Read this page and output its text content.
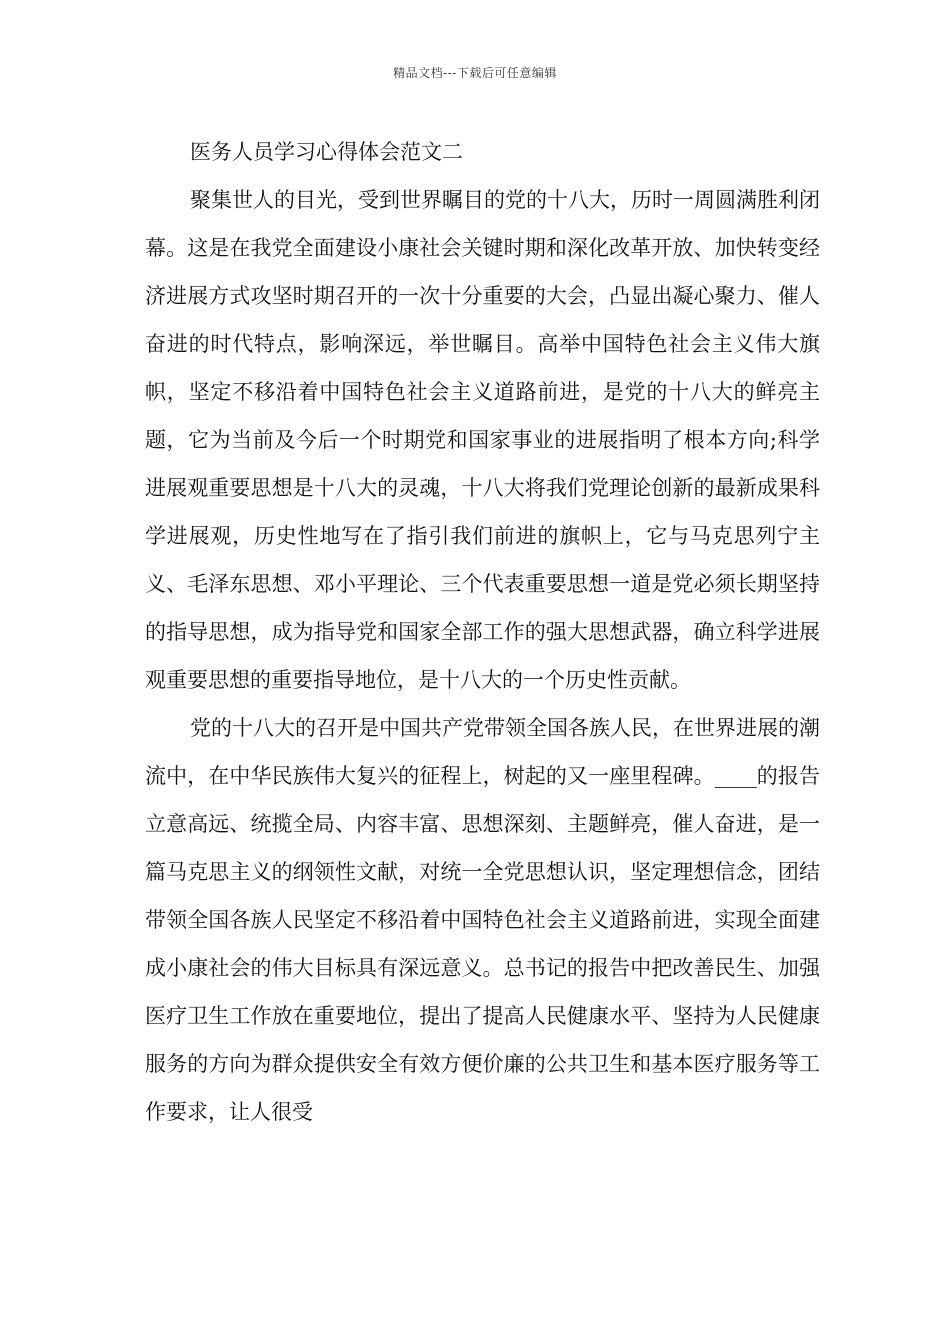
精品文档---下载后可任意编辑
医务人员学习心得体会范文二

聚集世人的目光，受到世界瞩目的党的十八大，历时一周圆满胜利闭幕。这是在我党全面建设小康社会关键时期和深化改革开放、加快转变经济进展方式攻坚时期召开的一次十分重要的大会，凸显出凝心聚力、催人奋进的时代特点，影响深远，举世瞩目。高举中国特色社会主义伟大旗帜，坚定不移沿着中国特色社会主义道路前进，是党的十八大的鲜亮主题，它为当前及今后一个时期党和国家事业的进展指明了根本方向;科学进展观重要思想是十八大的灵魂，十八大将我们党理论创新的最新成果科学进展观，历史性地写在了指引我们前进的旗帜上，它与马克思列宁主义、毛泽东思想、邓小平理论、三个代表重要思想一道是党必须长期坚持的指导思想，成为指导党和国家全部工作的强大思想武器，确立科学进展观重要思想的重要指导地位，是十八大的一个历史性贡献。

党的十八大的召开是中国共产党带领全国各族人民，在世界进展的潮流中，在中华民族伟大复兴的征程上，树起的又一座里程碑。____的报告立意高远、统揽全局、内容丰富、思想深刻、主题鲜亮，催人奋进，是一篇马克思主义的纲领性文献，对统一全党思想认识，坚定理想信念，团结带领全国各族人民坚定不移沿着中国特色社会主义道路前进，实现全面建成小康社会的伟大目标具有深远意义。总书记的报告中把改善民生、加强医疗卫生工作放在重要地位，提出了提高人民健康水平、坚持为人民健康服务的方向为群众提供安全有效方便价廉的公共卫生和基本医疗服务等工作要求，让人很受
